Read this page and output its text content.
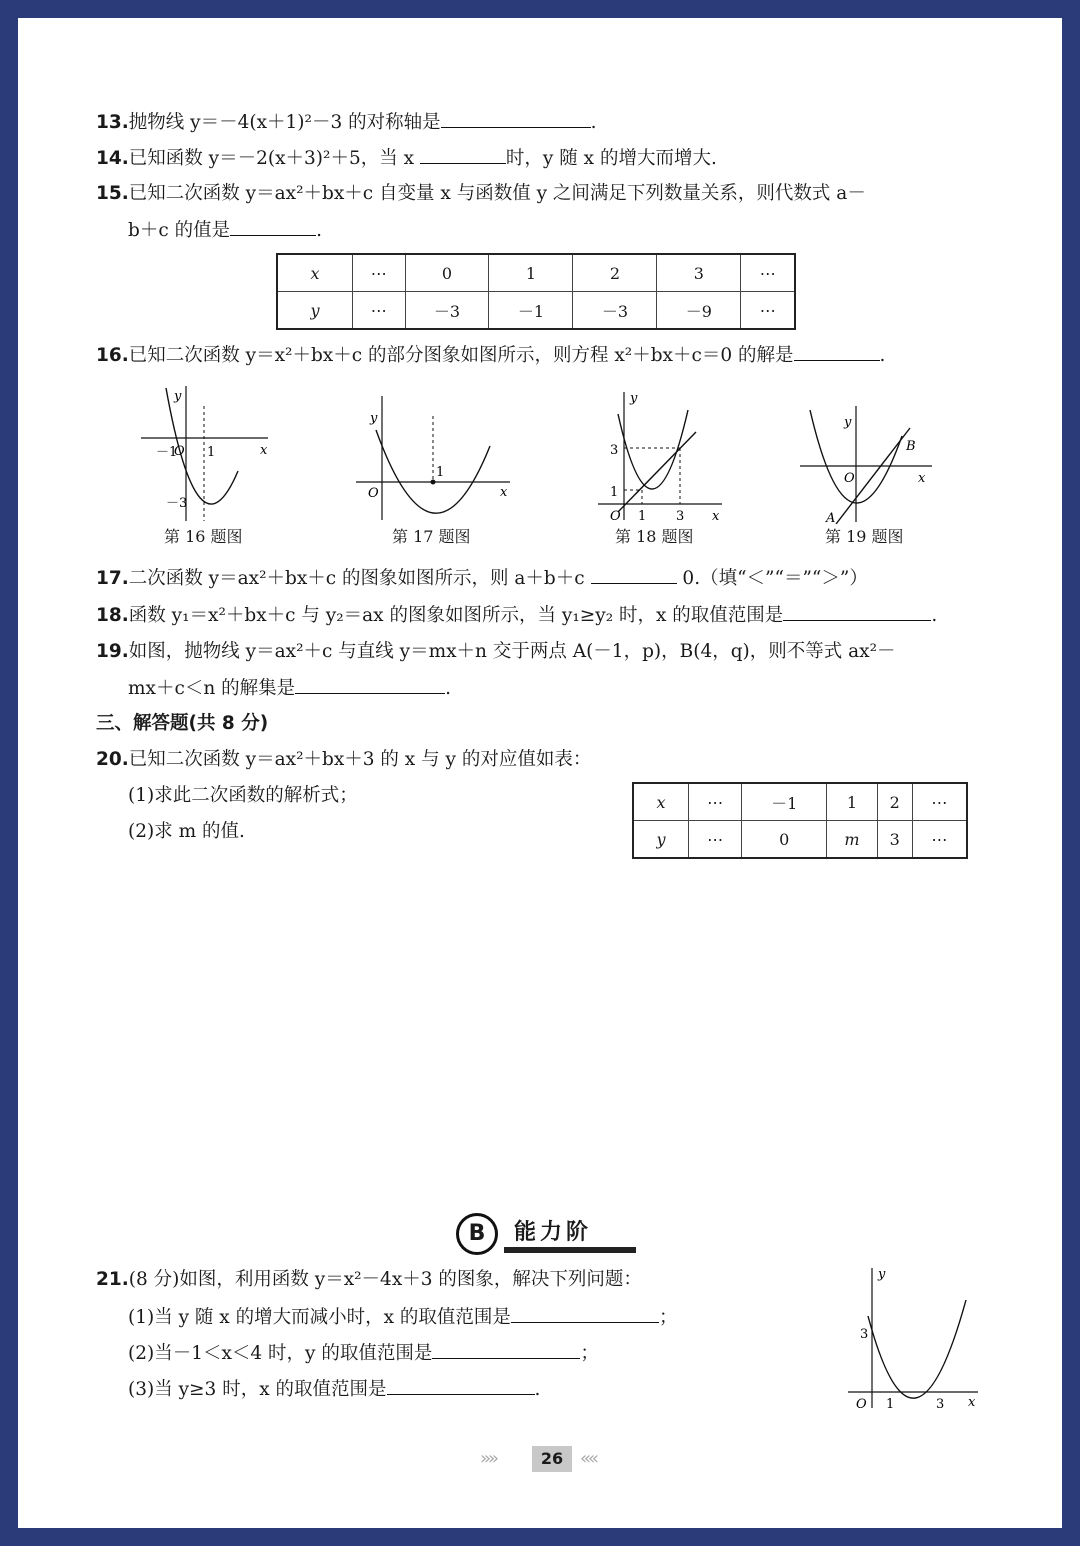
13.抛物线 y＝－4(x＋1)²－3 的对称轴是	.
14.已知函数 y＝－2(x＋3)²＋5，当 x	时，y 随 x 的增大而增大.
15.已知二次函数 y＝ax²＋bx＋c 自变量 x 与函数值 y 之间满足下列数量关系，则代数式 a－
b＋c 的值是	.
x	⋯	0	1	2	3	⋯
y	⋯	－3	－1	－3	－9	⋯
16.已知二次函数 y＝x²＋bx＋c 的部分图象如图所示，则方程 x²＋bx＋c＝0 的解是	.
y
x
O
－1 1
－3
第 16 题图
y
x
O
1
第 17 题图
y
x
O
3
1
1 3
第 18 题图
y
x
O
A
B
第 19 题图
17.二次函数 y＝ax²＋bx＋c 的图象如图所示，则 a＋b＋c	0.（填“＜”“＝”“＞”）
18.函数 y₁＝x²＋bx＋c 与 y₂＝ax 的图象如图所示，当 y₁≥y₂ 时，x 的取值范围是	.
19.如图，抛物线 y＝ax²＋c 与直线 y＝mx＋n 交于两点 A(－1，p)，B(4，q)，则不等式 ax²－
mx＋c＜n 的解集是	.
三、解答题(共 8 分)
20.已知二次函数 y＝ax²＋bx＋3 的 x 与 y 的对应值如表：
(1)求此二次函数的解析式；
(2)求 m 的值.
x	⋯	－1	1	2	⋯
y	⋯	0	m	3	⋯
B	能力阶
21.(8 分)如图，利用函数 y＝x²－4x＋3 的图象，解决下列问题：
(1)当 y 随 x 的增大而减小时，x 的取值范围是	；
(2)当－1＜x＜4 时，y 的取值范围是	；
(3)当 y≥3 时，x 的取值范围是	.
y
x
O
3
1	3
»»	26 ««
